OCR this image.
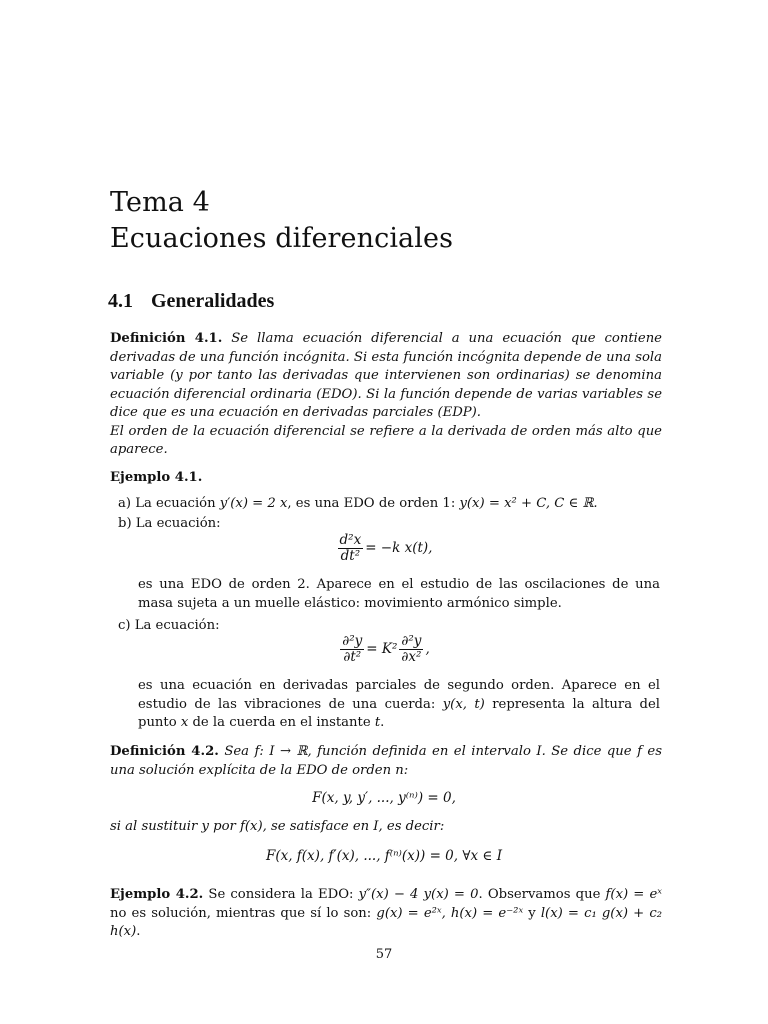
Tema 4
Ecuaciones diferenciales
4.1 Generalidades
Definición 4.1. Se llama ecuación diferencial a una ecuación que contiene derivadas de una función incógnita. Si esta función incógnita depende de una sola variable (y por tanto las derivadas que intervienen son ordinarias) se denomina ecuación diferencial ordinaria (EDO). Si la función depende de varias variables se dice que es una ecuación en derivadas parciales (EDP).
El orden de la ecuación diferencial se refiere a la derivada de orden más alto que aparece.
Ejemplo 4.1.
a) La ecuación y′(x) = 2 x, es una EDO de orden 1: y(x) = x² + C, C ∈ ℝ.
b) La ecuación:
$\frac{\text{d²x}}{\text{dt²}} = -k$ x(t),
es una EDO de orden 2. Aparece en el estudio de las oscilaciones de una masa sujeta a un muelle elástico: movimiento armónico simple.
c) La ecuación:
$\frac{\text{∂²y}}{\text{∂t²}} = K^2 \frac{\text{∂²y}}{\text{∂x²}}$ ,
es una ecuación en derivadas parciales de segundo orden. Aparece en el estudio de las vibraciones de una cuerda: y(x, t) representa la altura del punto x de la cuerda en el instante t.
Definición 4.2. Sea f: I → ℝ, función definida en el intervalo I. Se dice que f es una solución explícita de la EDO de orden n:
F(x, y, y′, ..., y⁽ⁿ⁾) = 0,
si al sustituir y por f(x), se satisface en I, es decir:
F(x, f(x), f′(x), ..., f⁽ⁿ⁾(x)) = 0, ∀x ∈ I
Ejemplo 4.2. Se considera la EDO: y″(x) − 4 y(x) = 0. Observamos que f(x) = eˣ no es solución, mientras que sí lo son: g(x) = e²ˣ, h(x) = e⁻²ˣ y l(x) = c₁ g(x) + c₂ h(x).
57
